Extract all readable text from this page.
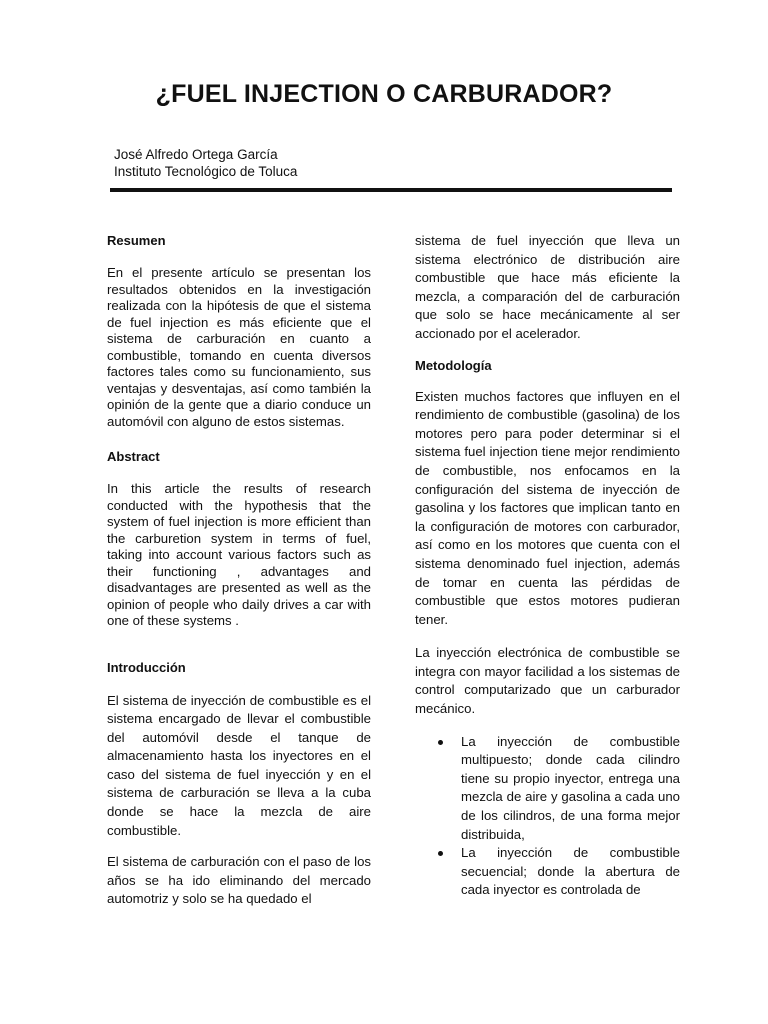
¿FUEL INJECTION O CARBURADOR?
José Alfredo Ortega García
Instituto Tecnológico de Toluca
Resumen

En el presente artículo se presentan los resultados obtenidos en la investigación realizada con la hipótesis de que el sistema de fuel injection es más eficiente que el sistema de carburación en cuanto a combustible, tomando en cuenta diversos factores tales como su funcionamiento, sus ventajas y desventajas, así como también la opinión de la gente que a diario conduce un automóvil con alguno de estos sistemas.

Abstract

In this article the results of research conducted with the hypothesis that the system of fuel injection is more efficient than the carburetion system in terms of fuel, taking into account various factors such as their functioning , advantages and disadvantages are presented as well as the opinion of people who daily drives a car with one of these systems .

Introducción

El sistema de inyección de combustible es el sistema encargado de llevar el combustible del automóvil desde el tanque de almacenamiento hasta los inyectores en el caso del sistema de fuel inyección y en el sistema de carburación se lleva a la cuba donde se hace la mezcla de aire combustible.

El sistema de carburación con el paso de los años se ha ido eliminando del mercado automotriz y solo se ha quedado el

sistema de fuel inyección que lleva un sistema electrónico de distribución aire combustible que hace más eficiente la mezcla, a comparación del de carburación que solo se hace mecánicamente al ser accionado por el acelerador.

Metodología

Existen muchos factores que influyen en el rendimiento de combustible (gasolina) de los motores pero para poder determinar si el sistema fuel injection tiene mejor rendimiento de combustible, nos enfocamos en la configuración del sistema de inyección de gasolina y los factores que implican tanto en la configuración de motores con carburador, así como en los motores que cuenta con el sistema denominado fuel injection, además de tomar en cuenta las pérdidas de combustible que estos motores pudieran tener.

La inyección electrónica de combustible se integra con mayor facilidad a los sistemas de control computarizado que un carburador mecánico.

La inyección de combustible multipuesto; donde cada cilindro tiene su propio inyector, entrega una mezcla de aire y gasolina a cada uno de los cilindros, de una forma mejor distribuida,
La inyección de combustible secuencial; donde la abertura de cada inyector es controlada de
